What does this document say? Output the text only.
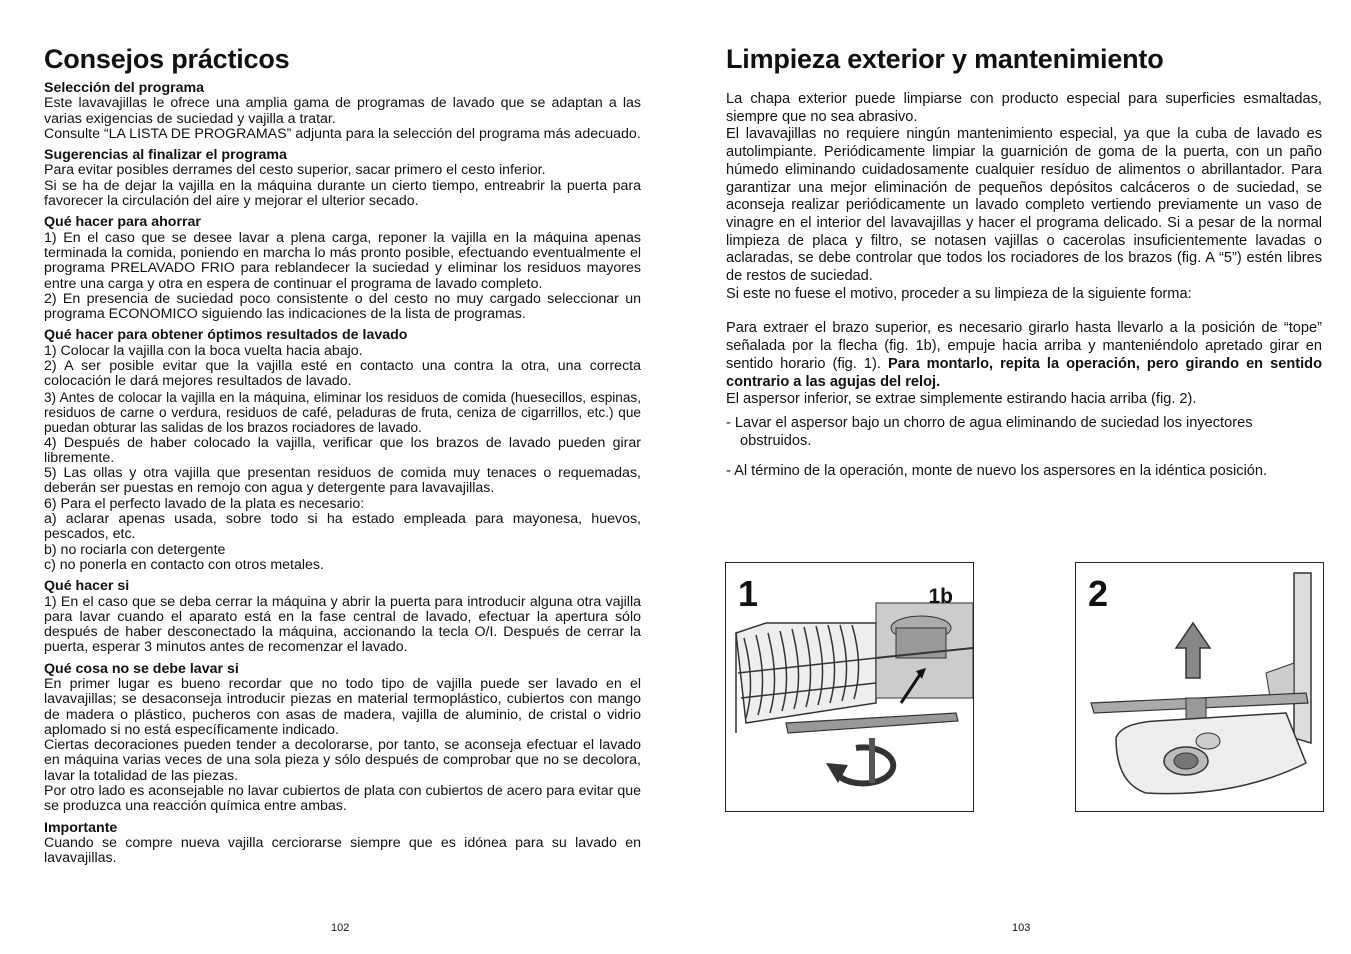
Consejos prácticos
Selección del programa

Este lavavajillas le ofrece una amplia gama de programas de lavado que se adaptan a las varias exigencias de suciedad y vajilla a tratar.

Consulte “LA LISTA DE PROGRAMAS” adjunta para la selección del programa más adecuado.

Sugerencias al finalizar el programa

Para evitar posibles derrames del cesto superior, sacar primero el cesto inferior.

Si se ha de dejar la vajilla en la máquina durante un cierto tiempo, entreabrir la puerta para favorecer la circulación del aire y mejorar el ulterior secado.

Qué hacer para ahorrar

1) En el caso que se desee lavar a plena carga, reponer la vajilla en la máquina apenas terminada la comida, poniendo en marcha lo más pronto posible, efectuando eventualmente el programa PRELAVADO FRIO para reblandecer la suciedad y eliminar los residuos mayores entre una carga y otra en espera de continuar el programa de lavado completo.

2) En presencia de suciedad poco consistente o del cesto no muy cargado seleccionar un programa ECONOMICO siguiendo las indicaciones de la lista de programas.

Qué hacer para obtener óptimos resultados de lavado

1) Colocar la vajilla con la boca vuelta hacia abajo.

2) A ser posible evitar que la vajilla esté en contacto una contra la otra, una correcta colocación le dará mejores resultados de lavado.

3) Antes de colocar la vajilla en la máquina, eliminar los residuos de comida (huesecillos, espinas, residuos de carne o verdura, residuos de café, peladuras de fruta, ceniza de cigarrillos, etc.) que puedan obturar las salidas de los brazos rociadores de lavado.

4) Después de haber colocado la vajilla, verificar que los brazos de lavado pueden girar libremente.

5) Las ollas y otra vajilla que presentan residuos de comida muy tenaces o requemadas, deberán ser puestas en remojo con agua y detergente para lavavajillas.

6) Para el perfecto lavado de la plata es necesario:

a) aclarar apenas usada, sobre todo si ha estado empleada para mayonesa, huevos, pescados, etc.

b) no rociarla con detergente

c) no ponerla en contacto con otros metales.

Qué hacer si

1) En el caso que se deba cerrar la máquina y abrir la puerta para introducir alguna otra vajilla para lavar cuando el aparato está en la fase central de lavado, efectuar la apertura sólo después de haber desconectado la máquina, accionando la tecla O/I. Después de cerrar la puerta, esperar 3 minutos antes de recomenzar el lavado.

Qué cosa no se debe lavar si

En primer lugar es bueno recordar que no todo tipo de vajilla puede ser lavado en el lavavajillas; se desaconseja introducir piezas en material termoplástico, cubiertos con mango de madera o plástico, pucheros con asas de madera, vajilla de aluminio, de cristal o vidrio aplomado si no está específicamente indicado.

Ciertas decoraciones pueden tender a decolorarse, por tanto, se aconseja efectuar el lavado en máquina varias veces de una sola pieza y sólo después de comprobar que no se decolora, lavar la totalidad de las piezas.

Por otro lado es aconsejable no lavar cubiertos de plata con cubiertos de acero para evitar que se produzca una reacción química entre ambas.

Importante

Cuando se compre nueva vajilla cerciorarse siempre que es idónea para su lavado en lavavajillas.

102
Limpieza exterior y mantenimiento

La chapa exterior puede limpiarse con producto especial para superficies esmaltadas, siempre que no sea abrasivo.

El lavavajillas no requiere ningún mantenimiento especial, ya que la cuba de lavado es autolimpiante. Periódicamente limpiar la guarnición de goma de la puerta, con un paño húmedo eliminando cuidadosamente cualquier resíduo de alimentos o abrillantador. Para garantizar una mejor eliminación de pequeños depósitos calcáceros o de suciedad, se aconseja realizar periódicamente un lavado completo vertiendo previamente un vaso de vinagre en el interior del lavavajillas y hacer el programa delicado. Si a pesar de la normal limpieza de placa y filtro, se notasen vajillas o cacerolas insuficientemente lavadas o aclaradas, se debe controlar que todos los rociadores de los brazos (fig. A “5”) estén libres de restos de suciedad.

Si este no fuese el motivo, proceder a su limpieza de la siguiente forma:

Para extraer el brazo superior, es necesario girarlo hasta llevarlo a la posición de “tope” señalada por la flecha (fig. 1b), empuje hacia arriba y manteniéndolo apretado girar en sentido horario (fig. 1). Para montarlo, repita la operación, pero girando en sentido contrario a las agujas del reloj.

El aspersor inferior, se extrae simplemente estirando hacia arriba (fig. 2).

- Lavar el aspersor bajo un chorro de agua eliminando de suciedad los inyectores obstruidos.

- Al término de la operación, monte de nuevo los aspersores en la idéntica posición.

1	1b	2
103
